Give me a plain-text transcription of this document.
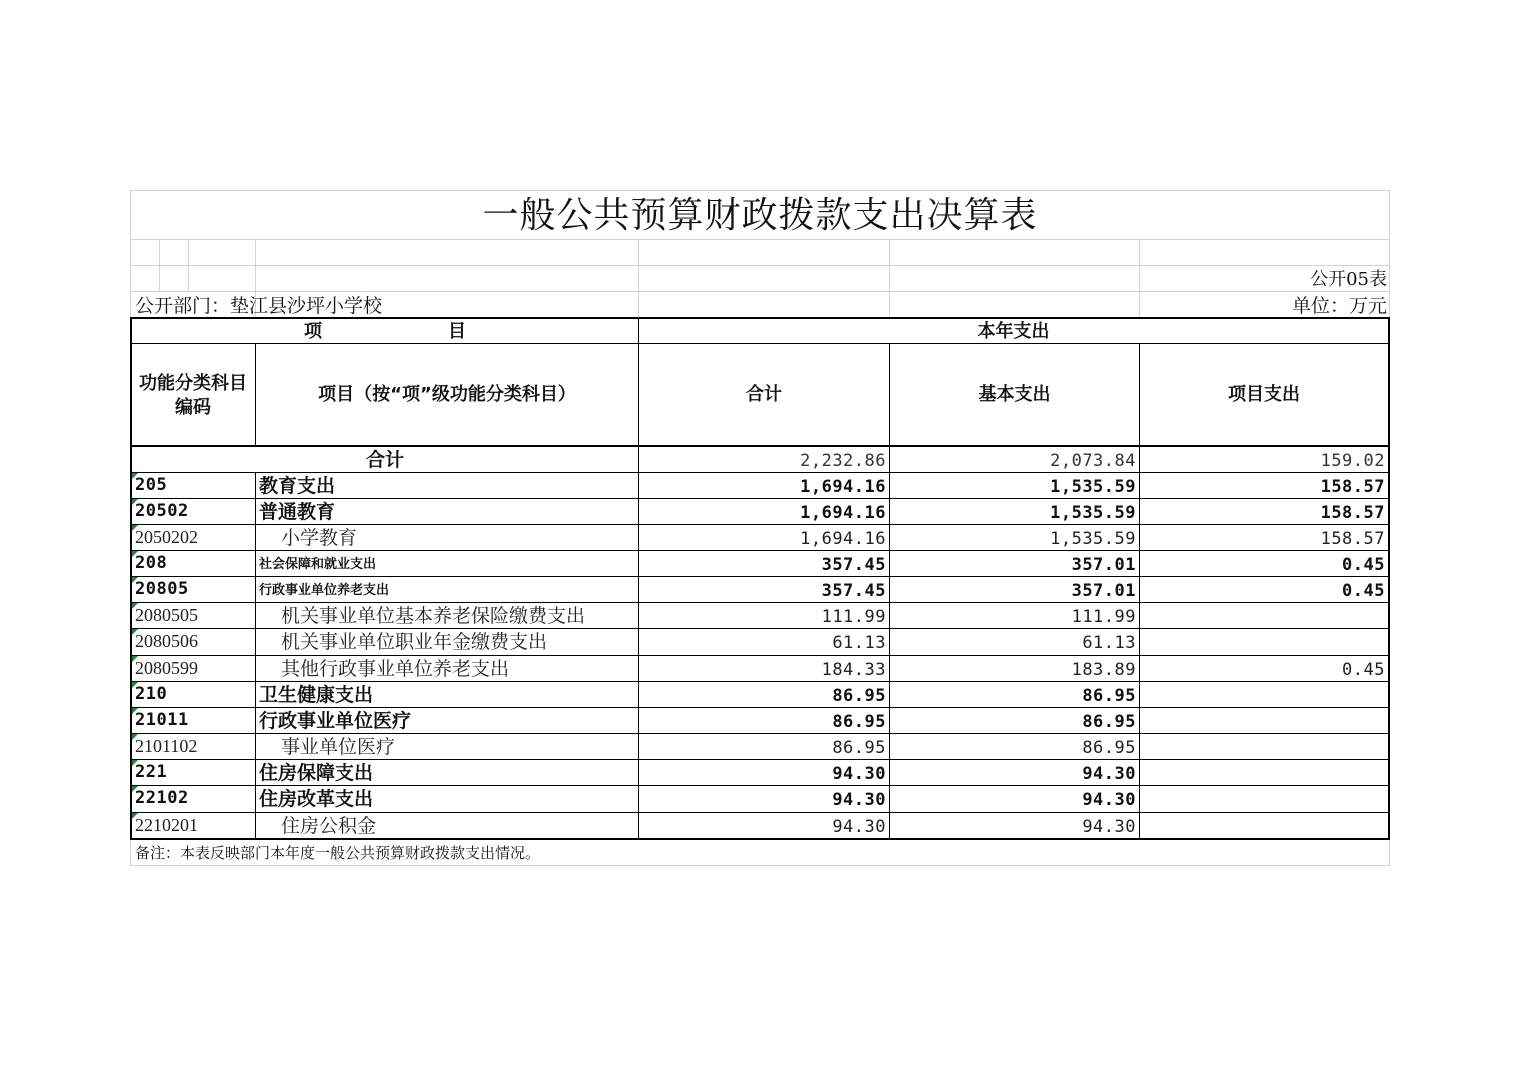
一般公共预算财政拨款支出决算表
公开05表
公开部门：垫江县沙坪小学校	单位：万元
项　　　　　　　目	本年支出
功能分类科目编码
项目（按“项”级功能分类科目）	合计	基本支出	项目支出
合计	2,232.86	2,073.84	159.02
205	教育支出	1,694.16	1,535.59	158.57
20502	普通教育	1,694.16	1,535.59	158.57
2050202	小学教育	1,694.16	1,535.59	158.57
208	社会保障和就业支出	357.45	357.01	0.45
20805	行政事业单位养老支出	357.45	357.01	0.45
2080505	机关事业单位基本养老保险缴费支出	111.99	111.99
2080506	机关事业单位职业年金缴费支出	61.13	61.13
2080599	其他行政事业单位养老支出	184.33	183.89	0.45
210	卫生健康支出	86.95	86.95
21011	行政事业单位医疗	86.95	86.95
2101102	事业单位医疗	86.95	86.95
221	住房保障支出	94.30	94.30
22102	住房改革支出	94.30	94.30
2210201	住房公积金	94.30	94.30
备注：本表反映部门本年度一般公共预算财政拨款支出情况。
